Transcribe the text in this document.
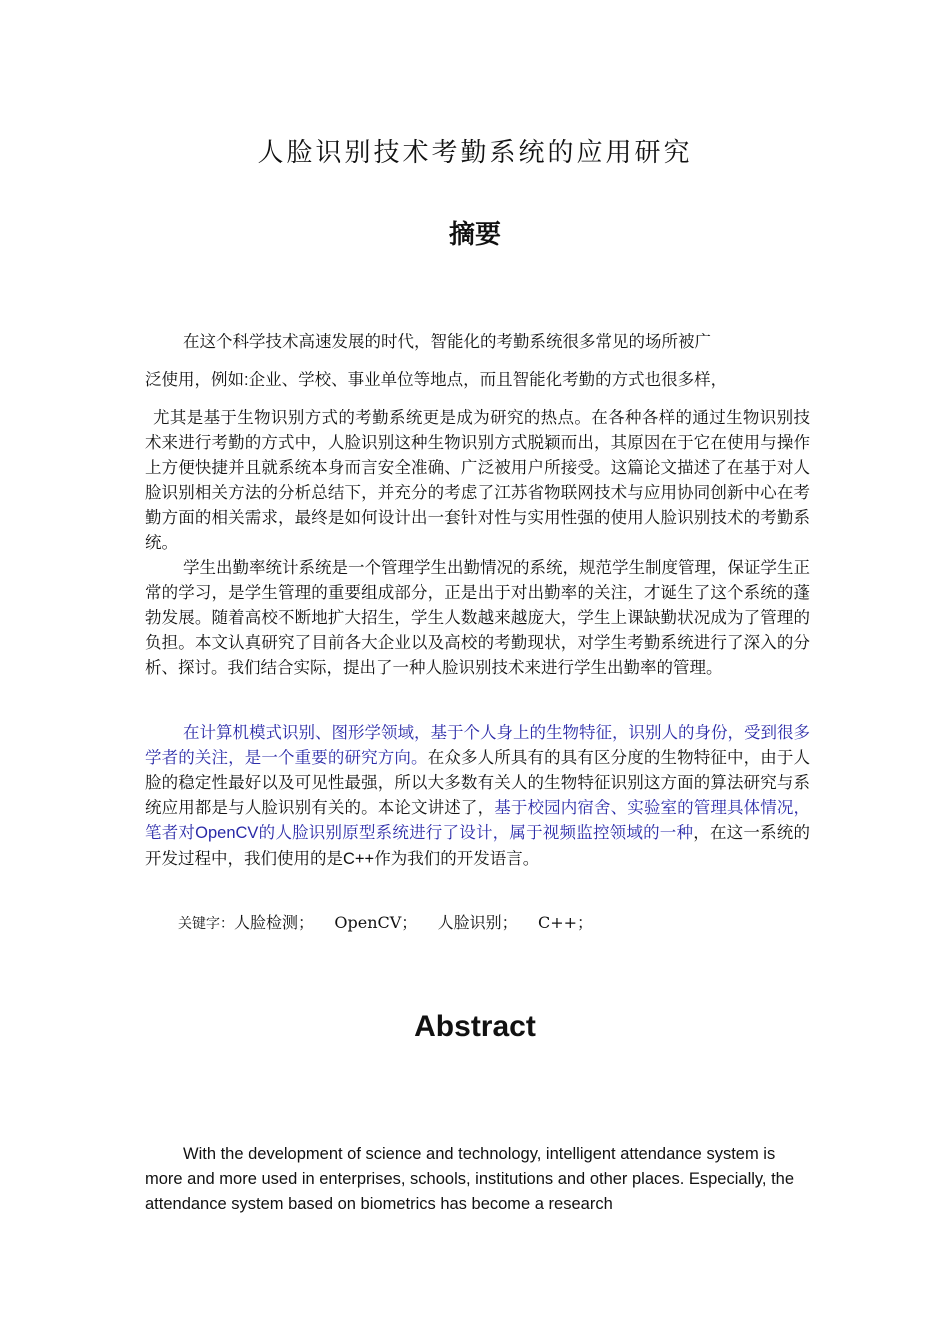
人脸识别技术考勤系统的应用研究
摘要

在这个科学技术高速发展的时代，智能化的考勤系统很多常见的场所被广

泛使用，例如:企业、学校、事业单位等地点，而且智能化考勤的方式也很多样，

尤其是基于生物识别方式的考勤系统更是成为研究的热点。在各种各样的通过生物识别技术来进行考勤的方式中，人脸识别这种生物识别方式脱颖而出，其原因在于它在使用与操作上方便快捷并且就系统本身而言安全准确、广泛被用户所接受。这篇论文描述了在基于对人脸识别相关方法的分析总结下，并充分的考虑了江苏省物联网技术与应用协同创新中心在考勤方面的相关需求，最终是如何设计出一套针对性与实用性强的使用人脸识别技术的考勤系统。

学生出勤率统计系统是一个管理学生出勤情况的系统，规范学生制度管理，保证学生正常的学习，是学生管理的重要组成部分，正是出于对出勤率的关注，才诞生了这个系统的蓬勃发展。随着高校不断地扩大招生，学生人数越来越庞大，学生上课缺勤状况成为了管理的负担。本文认真研究了目前各大企业以及高校的考勤现状，对学生考勤系统进行了深入的分析、探讨。我们结合实际，提出了一种人脸识别技术来进行学生出勤率的管理。

在计算机模式识别、图形学领域，基于个人身上的生物特征，识别人的身份，受到很多学者的关注，是一个重要的研究方向。在众多人所具有的具有区分度的生物特征中，由于人脸的稳定性最好以及可见性最强，所以大多数有关人的生物特征识别这方面的算法研究与系统应用都是与人脸识别有关的。本论文讲述了，基于校园内宿舍、实验室的管理具体情况，笔者对OpenCV的人脸识别原型系统进行了设计，属于视频监控领域的一种，在这一系统的开发过程中，我们使用的是C++作为我们的开发语言。

关键字：人脸检测； OpenCV； 人脸识别； C++；
Abstract

With the development of science and technology, intelligent attendance system is more and more used in enterprises, schools, institutions and other places. Especially, the attendance system based on biometrics has become a research
